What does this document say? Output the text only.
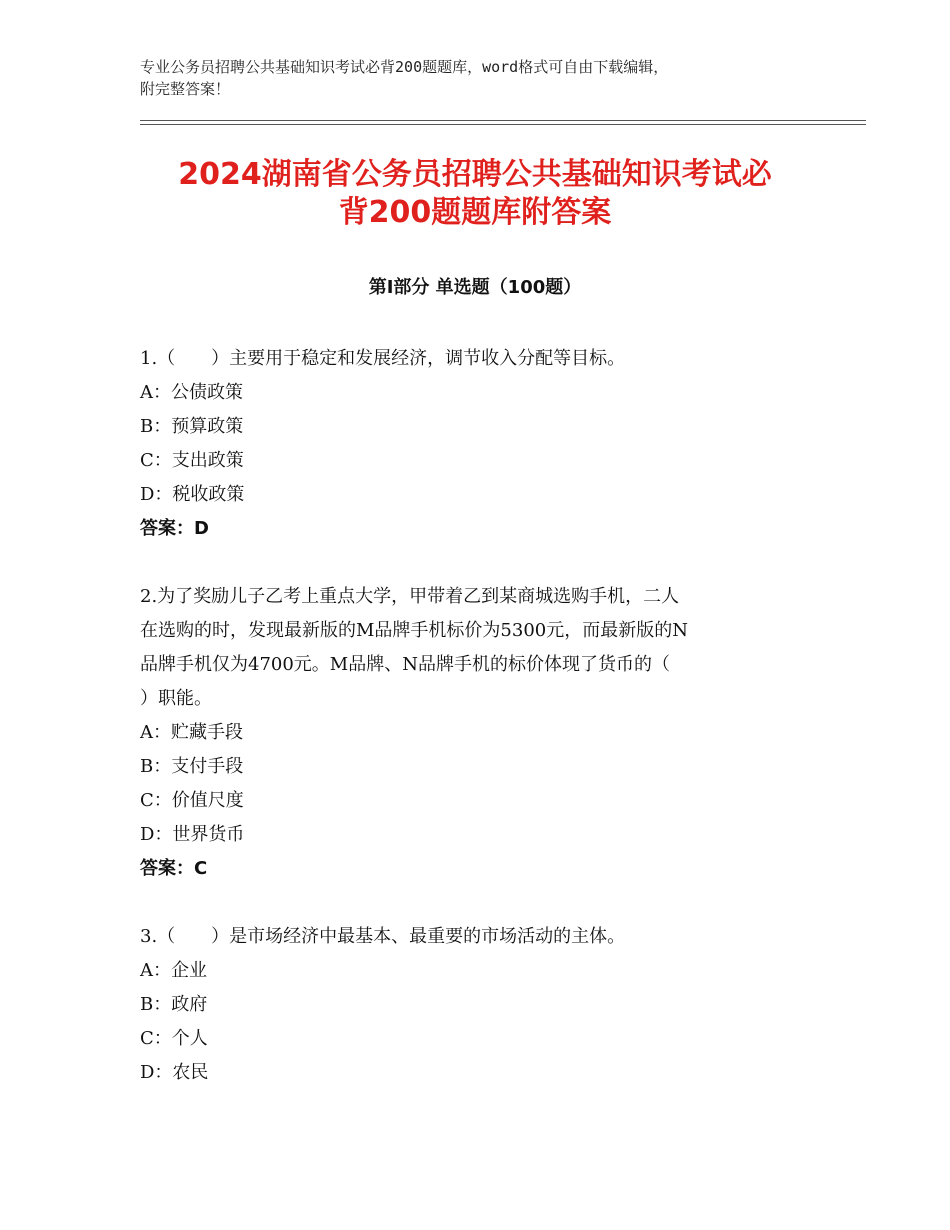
专业公务员招聘公共基础知识考试必背200题题库，word格式可自由下载编辑，
附完整答案！
2024湖南省公务员招聘公共基础知识考试必
背200题题库附答案
第Ⅰ部分 单选题（100题）
1.（　　）主要用于稳定和发展经济，调节收入分配等目标。
A：公债政策
B：预算政策
C：支出政策
D：税收政策
答案：D
2.为了奖励儿子乙考上重点大学，甲带着乙到某商城选购手机，二人
在选购的时，发现最新版的M品牌手机标价为5300元，而最新版的N
品牌手机仅为4700元。M品牌、N品牌手机的标价体现了货币的（
）职能。
A：贮藏手段
B：支付手段
C：价值尺度
D：世界货币
答案：C
3.（　　）是市场经济中最基本、最重要的市场活动的主体。
A：企业
B：政府
C：个人
D：农民
